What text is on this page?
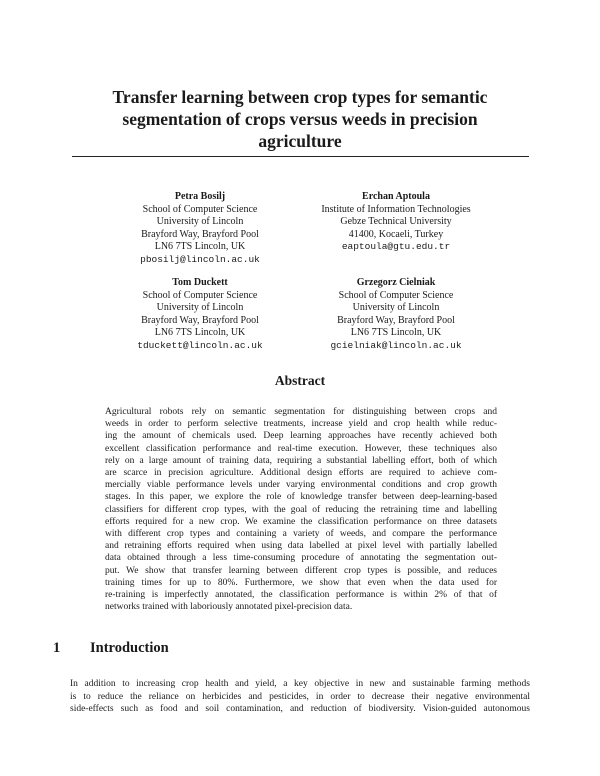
Transfer learning between crop types for semantic
segmentation of crops versus weeds in precision
agriculture
Petra Bosilj
School of Computer Science
University of Lincoln
Brayford Way, Brayford Pool
LN6 7TS Lincoln, UK
pbosilj@lincoln.ac.uk
Erchan Aptoula
Institute of Information Technologies
Gebze Technical University
41400, Kocaeli, Turkey
eaptoula@gtu.edu.tr
Tom Duckett
School of Computer Science
University of Lincoln
Brayford Way, Brayford Pool
LN6 7TS Lincoln, UK
tduckett@lincoln.ac.uk
Grzegorz Cielniak
School of Computer Science
University of Lincoln
Brayford Way, Brayford Pool
LN6 7TS Lincoln, UK
gcielniak@lincoln.ac.uk
Abstract
Agricultural robots rely on semantic segmentation for distinguishing between crops and
weeds in order to perform selective treatments, increase yield and crop health while reduc-
ing the amount of chemicals used. Deep learning approaches have recently achieved both
excellent classification performance and real-time execution. However, these techniques also
rely on a large amount of training data, requiring a substantial labelling effort, both of which
are scarce in precision agriculture. Additional design efforts are required to achieve com-
mercially viable performance levels under varying environmental conditions and crop growth
stages. In this paper, we explore the role of knowledge transfer between deep-learning-based
classifiers for different crop types, with the goal of reducing the retraining time and labelling
efforts required for a new crop. We examine the classification performance on three datasets
with different crop types and containing a variety of weeds, and compare the performance
and retraining efforts required when using data labelled at pixel level with partially labelled
data obtained through a less time-consuming procedure of annotating the segmentation out-
put. We show that transfer learning between different crop types is possible, and reduces
training times for up to 80%. Furthermore, we show that even when the data used for
re-training is imperfectly annotated, the classification performance is within 2% of that of
networks trained with laboriously annotated pixel-precision data.
1 Introduction
In addition to increasing crop health and yield, a key objective in new and sustainable farming methods
is to reduce the reliance on herbicides and pesticides, in order to decrease their negative environmental
side-effects such as food and soil contamination, and reduction of biodiversity. Vision-guided autonomous
